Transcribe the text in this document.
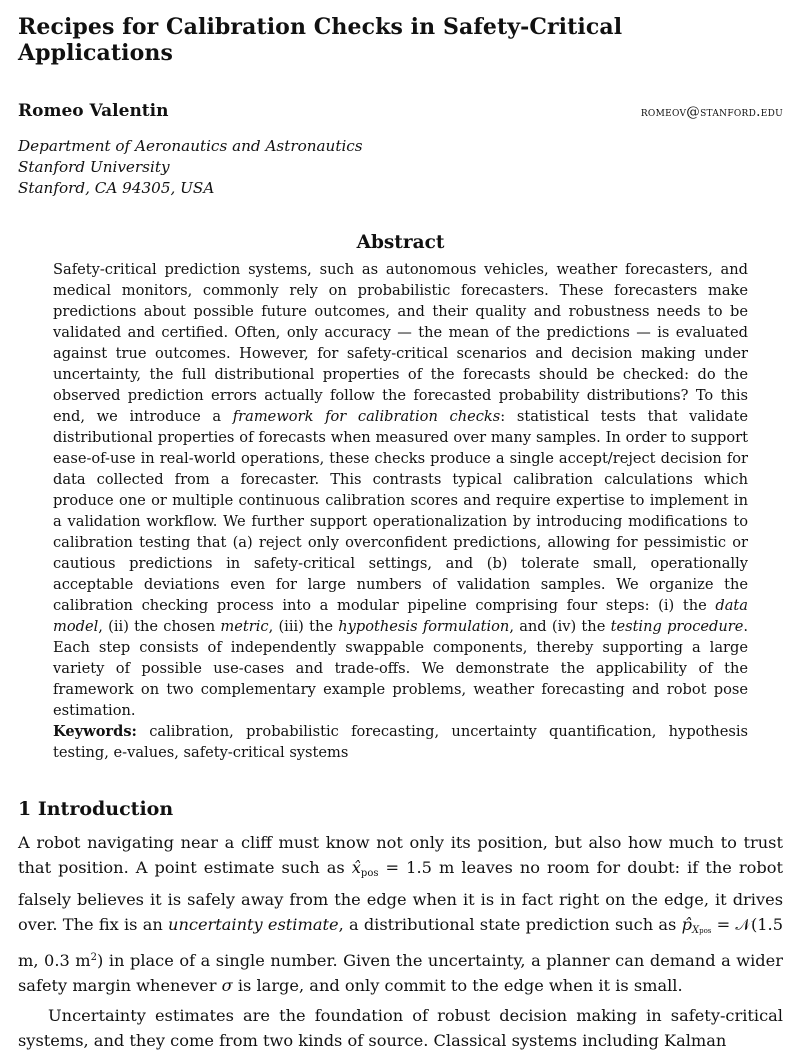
Recipes for Calibration Checks in Safety-Critical Applications
Romeo Valentin	romeov@stanford.edu
Department of Aeronautics and Astronautics
Stanford University
Stanford, CA 94305, USA
Abstract

Safety-critical prediction systems, such as autonomous vehicles, weather forecasters, and medical monitors, commonly rely on probabilistic forecasters. These forecasters make predictions about possible future outcomes, and their quality and robustness needs to be validated and certified. Often, only accuracy — the mean of the predictions — is evaluated against true outcomes. However, for safety-critical scenarios and decision making under uncertainty, the full distributional properties of the forecasts should be checked: do the observed prediction errors actually follow the forecasted probability distributions? To this end, we introduce a framework for calibration checks: statistical tests that validate distributional properties of forecasts when measured over many samples. In order to support ease-of-use in real-world operations, these checks produce a single accept/reject decision for data collected from a forecaster. This contrasts typical calibration calculations which produce one or multiple continuous calibration scores and require expertise to implement in a validation workflow. We further support operationalization by introducing modifications to calibration testing that (a) reject only overconfident predictions, allowing for pessimistic or cautious predictions in safety-critical settings, and (b) tolerate small, operationally acceptable deviations even for large numbers of validation samples. We organize the calibration checking process into a modular pipeline comprising four steps: (i) the data model, (ii) the chosen metric, (iii) the hypothesis formulation, and (iv) the testing procedure. Each step consists of independently swappable components, thereby supporting a large variety of possible use-cases and trade-offs. We demonstrate the applicability of the framework on two complementary example problems, weather forecasting and robot pose estimation.

Keywords: calibration, probabilistic forecasting, uncertainty quantification, hypothesis testing, e-values, safety-critical systems

1 Introduction

A robot navigating near a cliff must know not only its position, but also how much to trust that position. A point estimate such as $x̂_{pos} = 1.5$ m leaves no room for doubt: if the robot falsely believes it is safely away from the edge when it is in fact right on the edge, it drives over. The fix is an uncertainty estimate, a distributional state prediction such as $p̂_{Xpos}$ = 𝒩(1.5 m, 0.3 $m^2$) in place of a single number. Given the uncertainty, a planner can demand a wider safety margin whenever σ is large, and only commit to the edge when it is small.

Uncertainty estimates are the foundation of robust decision making in safety-critical systems, and they come from two kinds of source. Classical systems including Kalman
